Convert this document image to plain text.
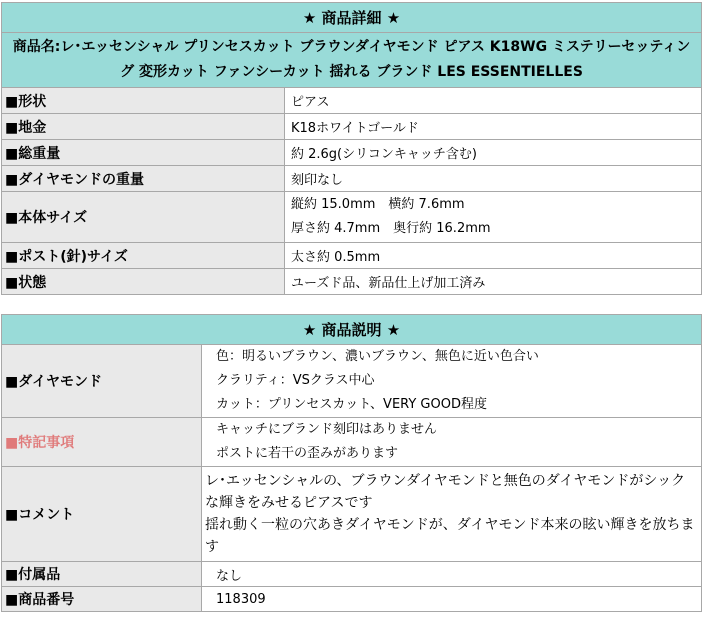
★ 商品詳細 ★	
商品名:レ･エッセンシャル プリンセスカット ブラウンダイヤモンド ピアス K18WG ミステリーセッティング 変形カット ファンシーカット 揺れる ブランド LES ESSENTIELLES	
■形状	ピアス
■地金	K18ホワイトゴールド
■総重量	約 2.6g(シリコンキャッチ含む)
■ダイヤモンドの重量	刻印なし
■本体サイズ	縦約 15.0mm　横約 7.6mm
厚さ約 4.7mm　奥行約 16.2mm

■ポスト(針)サイズ	太さ約 0.5mm
■状態	ユーズド品、新品仕上げ加工済み
★ 商品説明 ★	
■ダイヤモンド	色：明るいブラウン、濃いブラウン、無色に近い色合い
クラリティ：VSクラス中心
カット：プリンセスカット、VERY GOOD程度

■特記事項	キャッチにブランド刻印はありません
ポストに若干の歪みがあります

■コメント	レ･エッセンシャルの、ブラウンダイヤモンドと無色のダイヤモンドがシックな輝きをみせるピアスです
揺れ動く一粒の穴あきダイヤモンドが、ダイヤモンド本来の眩い輝きを放ちます

■付属品	なし
■商品番号	118309
